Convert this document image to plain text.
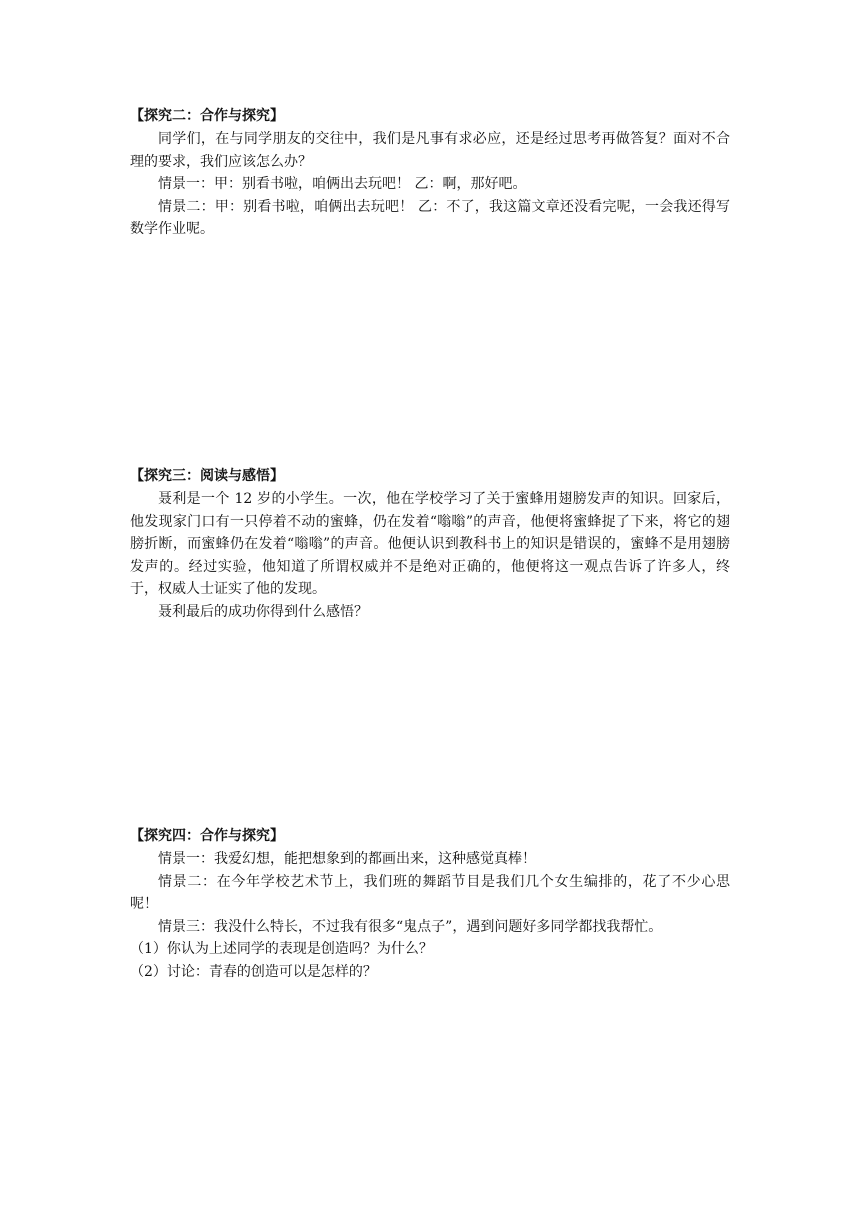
【探究二：合作与探究】

同学们，在与同学朋友的交往中，我们是凡事有求必应，还是经过思考再做答复？面对不合理的要求，我们应该怎么办？

情景一：甲：别看书啦，咱俩出去玩吧！ 乙：啊，那好吧。

情景二：甲：别看书啦，咱俩出去玩吧！ 乙：不了，我这篇文章还没看完呢，一会我还得写数学作业呢。

【探究三：阅读与感悟】

聂利是一个 12 岁的小学生。一次，他在学校学习了关于蜜蜂用翅膀发声的知识。回家后，他发现家门口有一只停着不动的蜜蜂，仍在发着“嗡嗡”的声音，他便将蜜蜂捉了下来，将它的翅膀折断，而蜜蜂仍在发着“嗡嗡”的声音。他便认识到教科书上的知识是错误的，蜜蜂不是用翅膀发声的。经过实验，他知道了所谓权威并不是绝对正确的，他便将这一观点告诉了许多人，终于，权威人士证实了他的发现。

聂利最后的成功你得到什么感悟？

【探究四：合作与探究】

情景一：我爱幻想，能把想象到的都画出来，这种感觉真棒！

情景二：在今年学校艺术节上，我们班的舞蹈节目是我们几个女生编排的，花了不少心思呢！

情景三：我没什么特长，不过我有很多“鬼点子”，遇到问题好多同学都找我帮忙。

（1）你认为上述同学的表现是创造吗？为什么？

（2）讨论：青春的创造可以是怎样的？
